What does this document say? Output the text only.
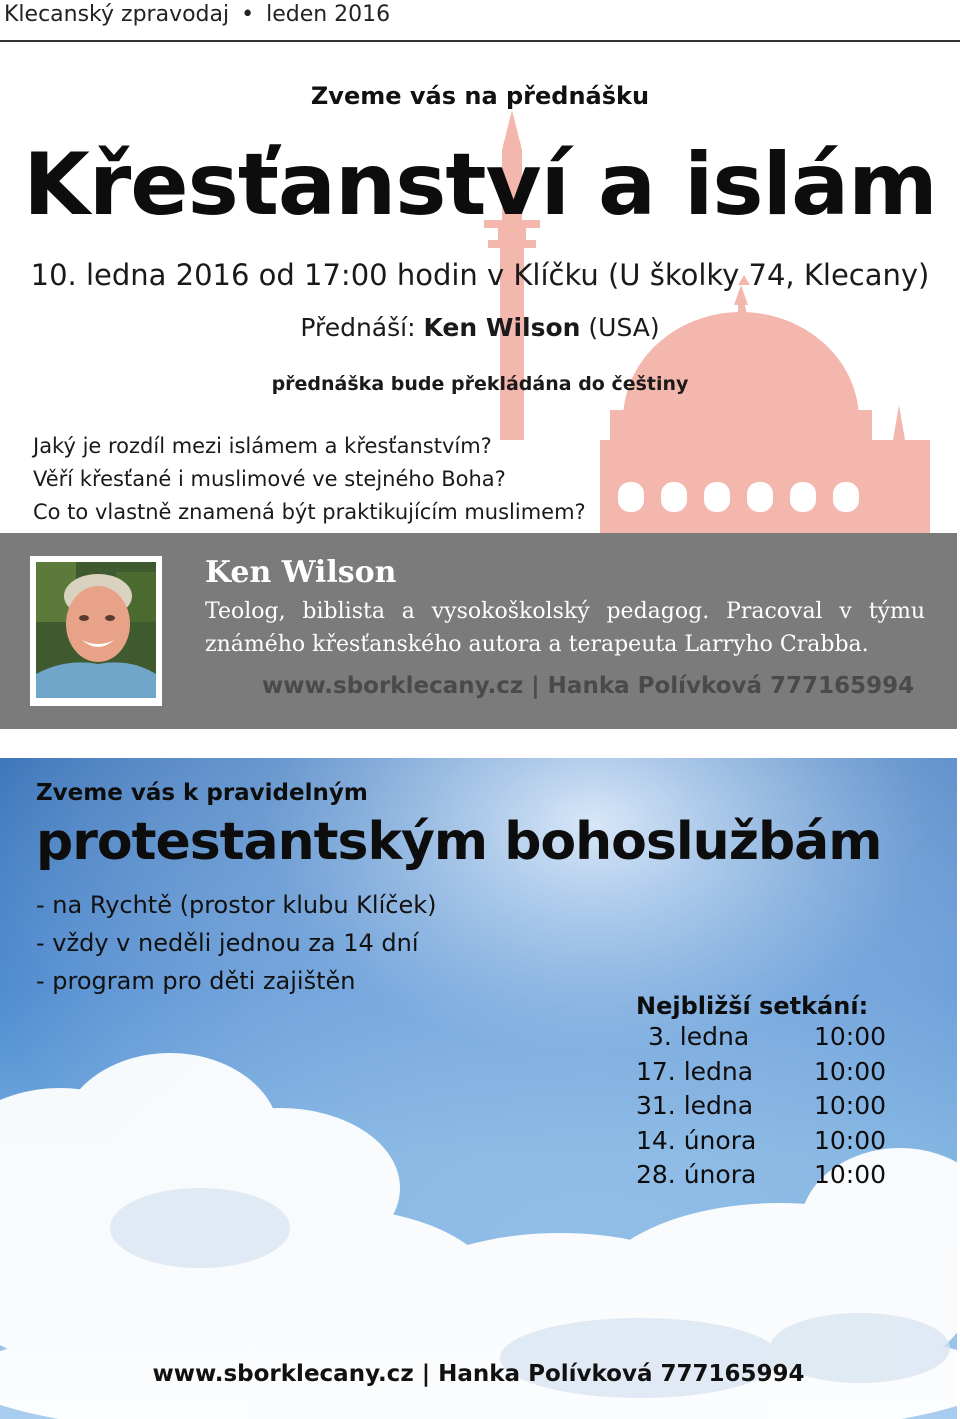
Klecanský zpravodaj • leden 2016
Zveme vás na přednášku
Křesťanství a islám
10. ledna 2016 od 17:00 hodin v Klíčku (U školky 74, Klecany)
Přednáší: Ken Wilson (USA)
přednáška bude překládána do češtiny
Jaký je rozdíl mezi islámem a křesťanstvím?
Věří křesťané i muslimové ve stejného Boha?
Co to vlastně znamená být praktikujícím muslimem?
Ken Wilson
Teolog, biblista a vysokoškolský pedagog. Pracoval v týmu známého křesťanského autora a terapeuta Larryho Crabba.
www.sborklecany.cz | Hanka Polívková 777165994
Zveme vás k pravidelným
protestantským bohoslužbám
- na Rychtě (prostor klubu Klíček)
- vždy v neděli jednou za 14 dní
- program pro děti zajištěn
Nejbližší setkání:
3. ledna	10:00
17. ledna	10:00
31. ledna	10:00
14. února	10:00
28. února	10:00
www.sborklecany.cz | Hanka Polívková 777165994
